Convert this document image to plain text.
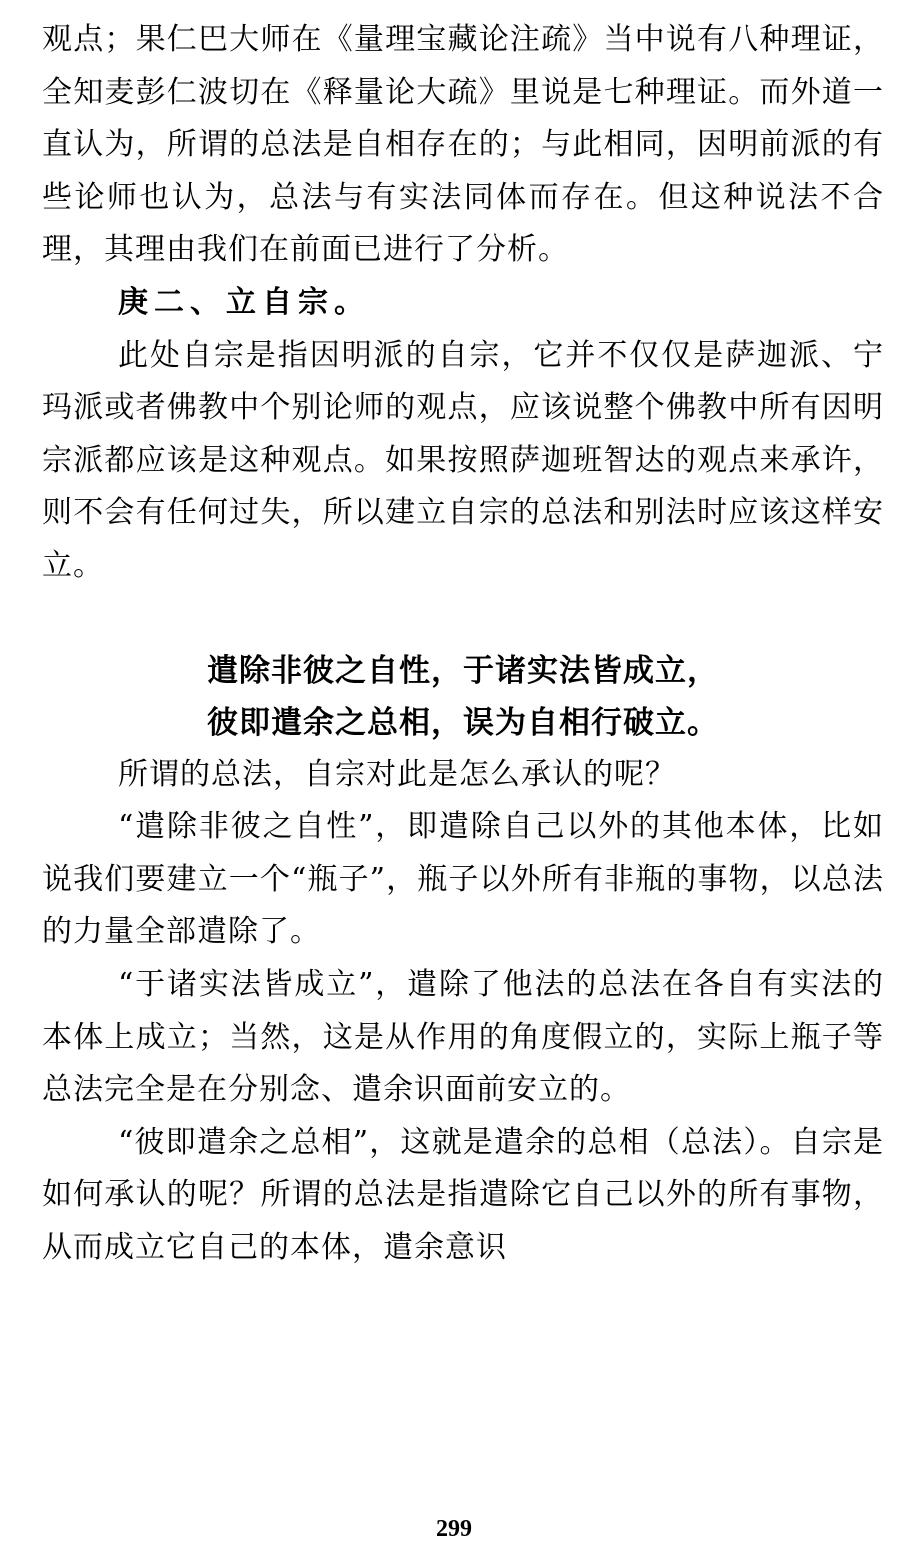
观点；果仁巴大师在《量理宝藏论注疏》当中说有八种理证，全知麦彭仁波切在《释量论大疏》里说是七种理证。而外道一直认为，所谓的总法是自相存在的；与此相同，因明前派的有些论师也认为，总法与有实法同体而存在。但这种说法不合理，其理由我们在前面已进行了分析。

庚二、立自宗。

此处自宗是指因明派的自宗，它并不仅仅是萨迦派、宁玛派或者佛教中个别论师的观点，应该说整个佛教中所有因明宗派都应该是这种观点。如果按照萨迦班智达的观点来承许，则不会有任何过失，所以建立自宗的总法和别法时应该这样安立。

遣除非彼之自性，于诸实法皆成立，
彼即遣余之总相，误为自相行破立。

所谓的总法，自宗对此是怎么承认的呢？

“遣除非彼之自性”，即遣除自己以外的其他本体，比如说我们要建立一个“瓶子”，瓶子以外所有非瓶的事物，以总法的力量全部遣除了。

“于诸实法皆成立”，遣除了他法的总法在各自有实法的本体上成立；当然，这是从作用的角度假立的，实际上瓶子等总法完全是在分别念、遣余识面前安立的。

“彼即遣余之总相”，这就是遣余的总相（总法）。自宗是如何承认的呢？所谓的总法是指遣除它自己以外的所有事物，从而成立它自己的本体，遣余意识

299
